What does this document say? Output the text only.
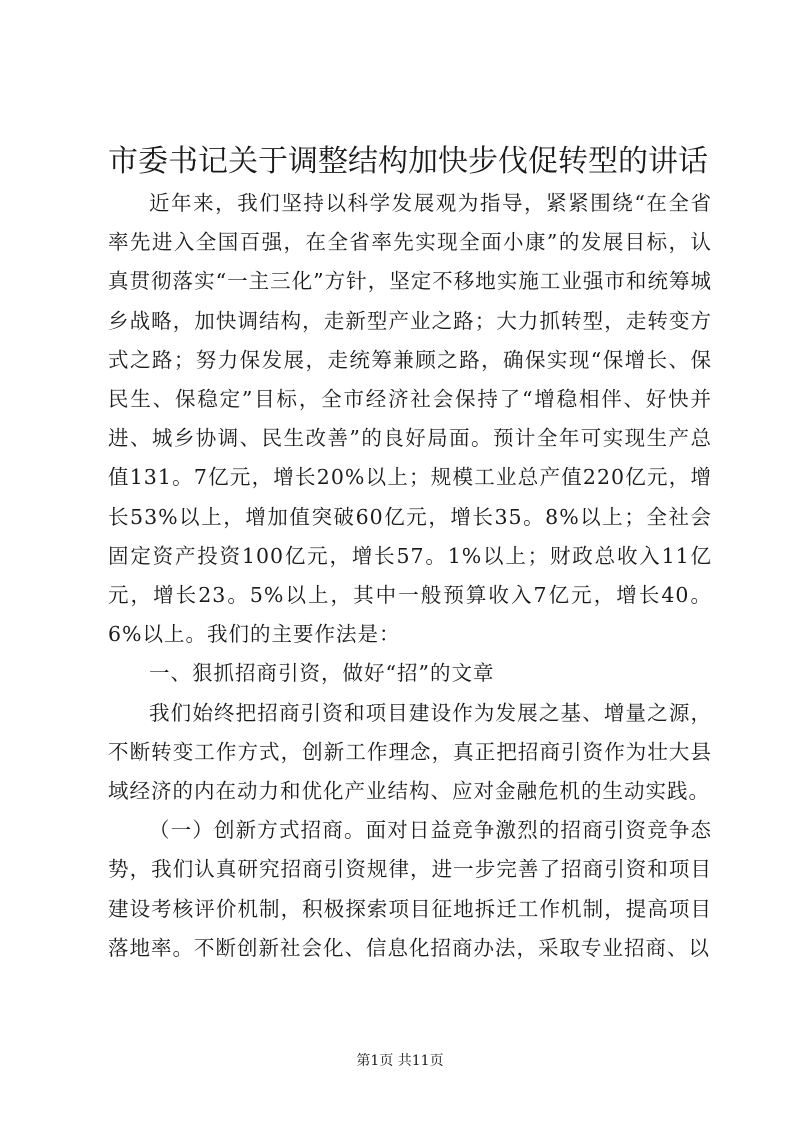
市委书记关于调整结构加快步伐促转型的讲话

近年来，我们坚持以科学发展观为指导，紧紧围绕“在全省率先进入全国百强，在全省率先实现全面小康”的发展目标，认真贯彻落实“一主三化”方针，坚定不移地实施工业强市和统筹城乡战略，加快调结构，走新型产业之路；大力抓转型，走转变方式之路；努力保发展，走统筹兼顾之路，确保实现“保增长、保民生、保稳定”目标，全市经济社会保持了“增稳相伴、好快并进、城乡协调、民生改善”的良好局面。预计全年可实现生产总值131。7亿元，增长20%以上；规模工业总产值220亿元，增长53%以上，增加值突破60亿元，增长35。8%以上；全社会固定资产投资100亿元，增长57。1%以上；财政总收入11亿元，增长23。5%以上，其中一般预算收入7亿元，增长40。6%以上。我们的主要作法是：

一、狠抓招商引资，做好“招”的文章

我们始终把招商引资和项目建设作为发展之基、增量之源，不断转变工作方式，创新工作理念，真正把招商引资作为壮大县域经济的内在动力和优化产业结构、应对金融危机的生动实践。

（一）创新方式招商。面对日益竞争激烈的招商引资竞争态势，我们认真研究招商引资规律，进一步完善了招商引资和项目建设考核评价机制，积极探索项目征地拆迁工作机制，提高项目落地率。不断创新社会化、信息化招商办法，采取专业招商、以

第1页 共11页
